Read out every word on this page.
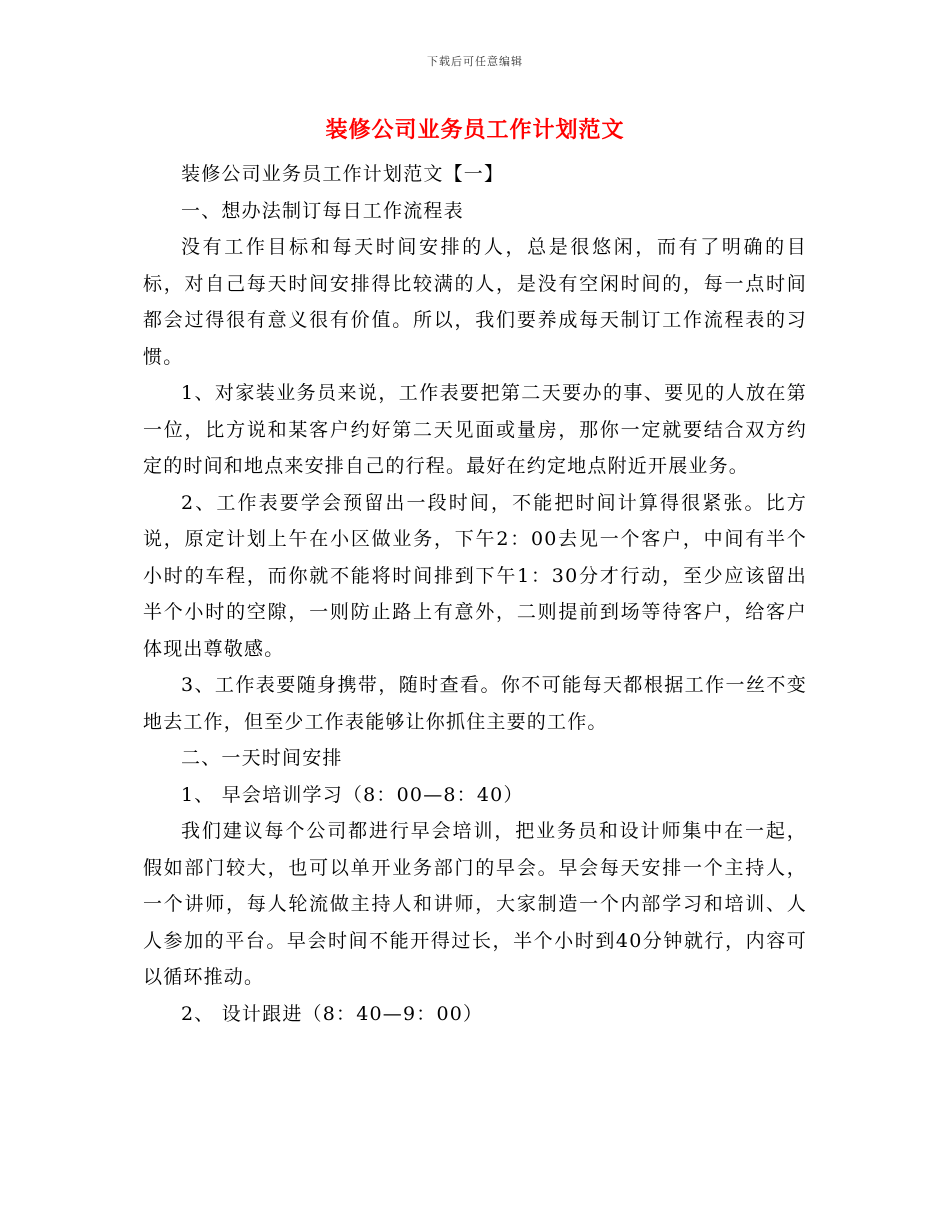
下载后可任意编辑
装修公司业务员工作计划范文

装修公司业务员工作计划范文【一】

一、想办法制订每日工作流程表

没有工作目标和每天时间安排的人，总是很悠闲，而有了明确的目标，对自己每天时间安排得比较满的人，是没有空闲时间的，每一点时间都会过得很有意义很有价值。所以，我们要养成每天制订工作流程表的习惯。

1、对家装业务员来说，工作表要把第二天要办的事、要见的人放在第一位，比方说和某客户约好第二天见面或量房，那你一定就要结合双方约定的时间和地点来安排自己的行程。最好在约定地点附近开展业务。

2、工作表要学会预留出一段时间，不能把时间计算得很紧张。比方说，原定计划上午在小区做业务，下午2：00去见一个客户，中间有半个小时的车程，而你就不能将时间排到下午1：30分才行动，至少应该留出半个小时的空隙，一则防止路上有意外，二则提前到场等待客户，给客户体现出尊敬感。

3、工作表要随身携带，随时查看。你不可能每天都根据工作一丝不变地去工作，但至少工作表能够让你抓住主要的工作。

二、一天时间安排

1、 早会培训学习（8：00—8：40）

我们建议每个公司都进行早会培训，把业务员和设计师集中在一起，假如部门较大，也可以单开业务部门的早会。早会每天安排一个主持人，一个讲师，每人轮流做主持人和讲师，大家制造一个内部学习和培训、人人参加的平台。早会时间不能开得过长，半个小时到40分钟就行，内容可以循环推动。

2、 设计跟进（8：40—9：00）
